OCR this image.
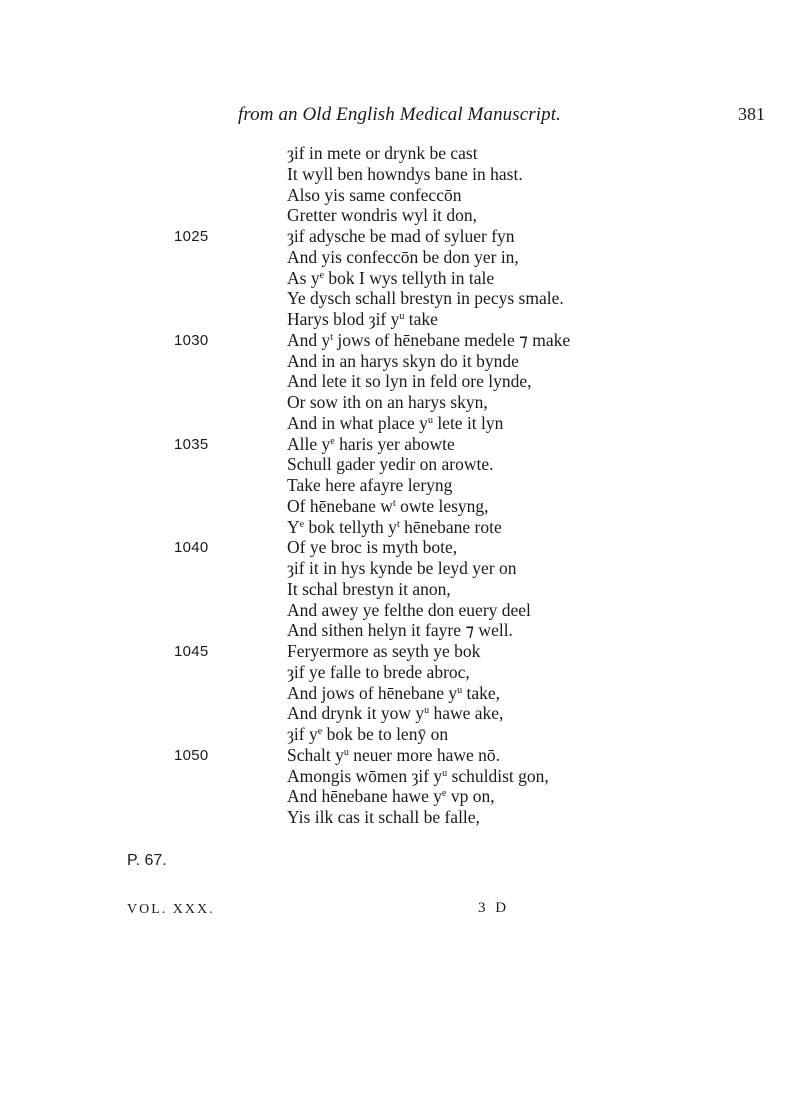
from an Old English Medical Manuscript.	381
ȝif in mete or drynk be cast
It wyll ben howndys bane in hast.
Also yis same confeccōn
Gretter wondris wyl it don,
ȝif adysche be mad of syluer fyn
And yis confeccōn be don yer in,
As $y^e$ bok I wys tellyth in tale
Ye dysch schall brestyn in pecys smale.
Harys blod ȝif $y^u$ take
And $y^t$ jows of hēnebane medele ⁊ make
And in an harys skyn do it bynde
And lete it so lyn in feld ore lynde,
Or sow ith on an harys skyn,
And in what place $y^u$ lete it lyn
Alle $y^e$ haris yer abowte
Schull gader yedir on arowte.
Take here afayre leryng
Of hēnebane $w^t$ owte lesyng,
$Y^e$ bok tellyth $y^t$ hēnebane rote
Of ye broc is myth bote,
ȝif it in hys kynde be leyd yer on
It schal brestyn it anon,
And awey ye felthe don euery deel
And sithen helyn it fayre ⁊ well.
Feryermore as seyth ye bok
ȝif ye falle to brede abroc,
And jows of hēnebane $y^u$ take,
And drynk it yow $y^u$ hawe ake,
ȝif $y^e$ bok be to lenȳ on
Schalt $y^u$ neuer more hawe nō.
Amongis wōmen ȝif $y^u$ schuldist gon,
And hēnebane hawe $y^e$ vp on,
Yis ilk cas it schall be falle,
1025
1030
1035
1040
1045
1050
P. 67.
VOL. XXX.	3 D
